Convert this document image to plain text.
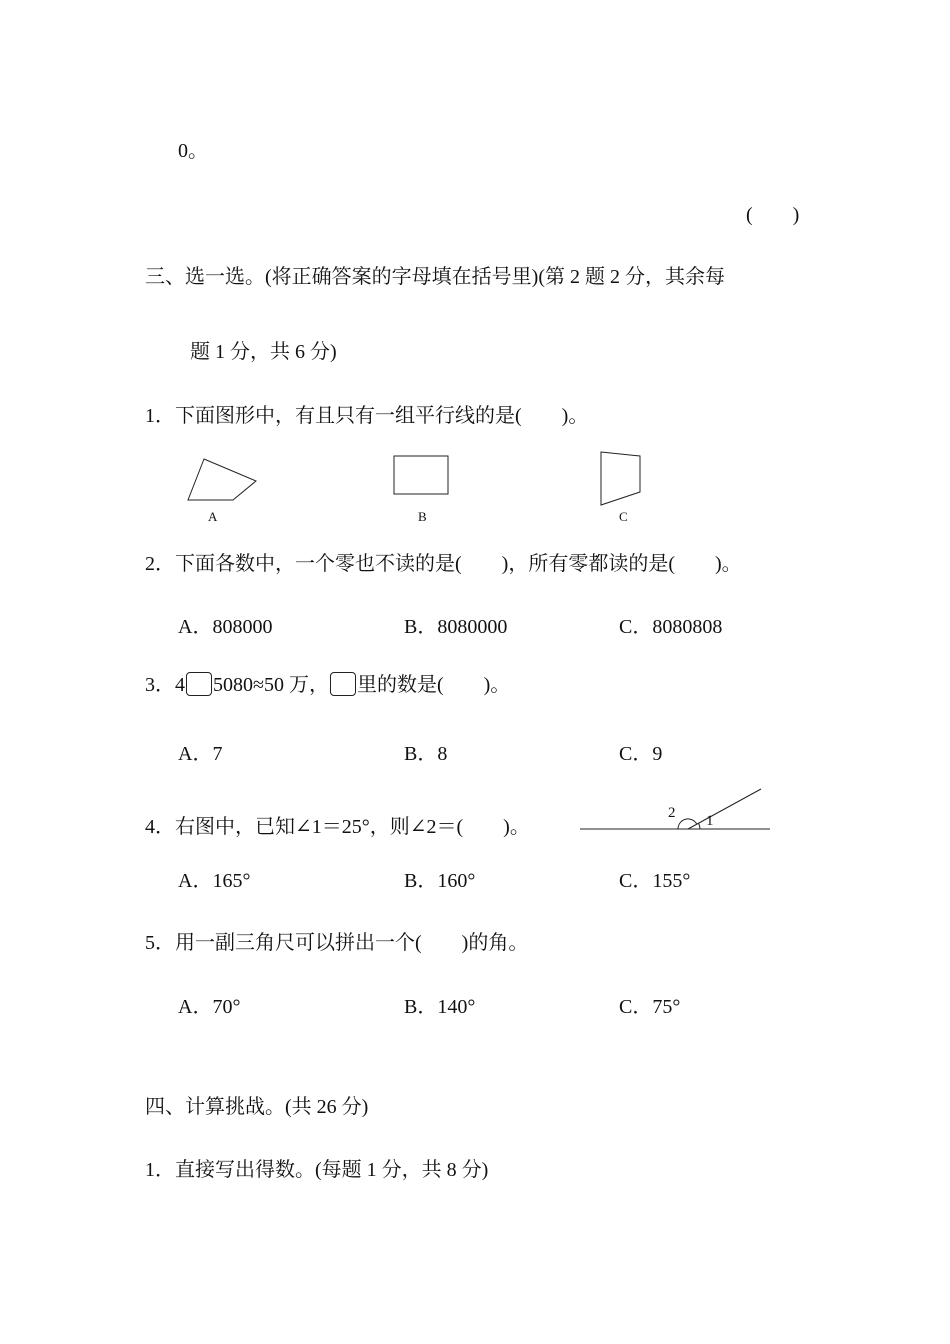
0。
(　　)
三、选一选。(将正确答案的字母填在括号里)(第 2 题 2 分，其余每
题 1 分，共 6 分)
1．下面图形中，有且只有一组平行线的是(　　)。
A	B	C
2．下面各数中，一个零也不读的是(　　)，所有零都读的是(　　)。
A．808000	B．8080000	C．8080808
3．4 5080≈50 万， 里的数是(　　)。
A．7	B．8	C．9
4．右图中，已知∠1＝25°，则∠2＝(　　)。
2 1
A．165°	B．160°	C．155°
5．用一副三角尺可以拼出一个(　　)的角。
A．70°	B．140°	C．75°
四、计算挑战。(共 26 分)
1．直接写出得数。(每题 1 分，共 8 分)
